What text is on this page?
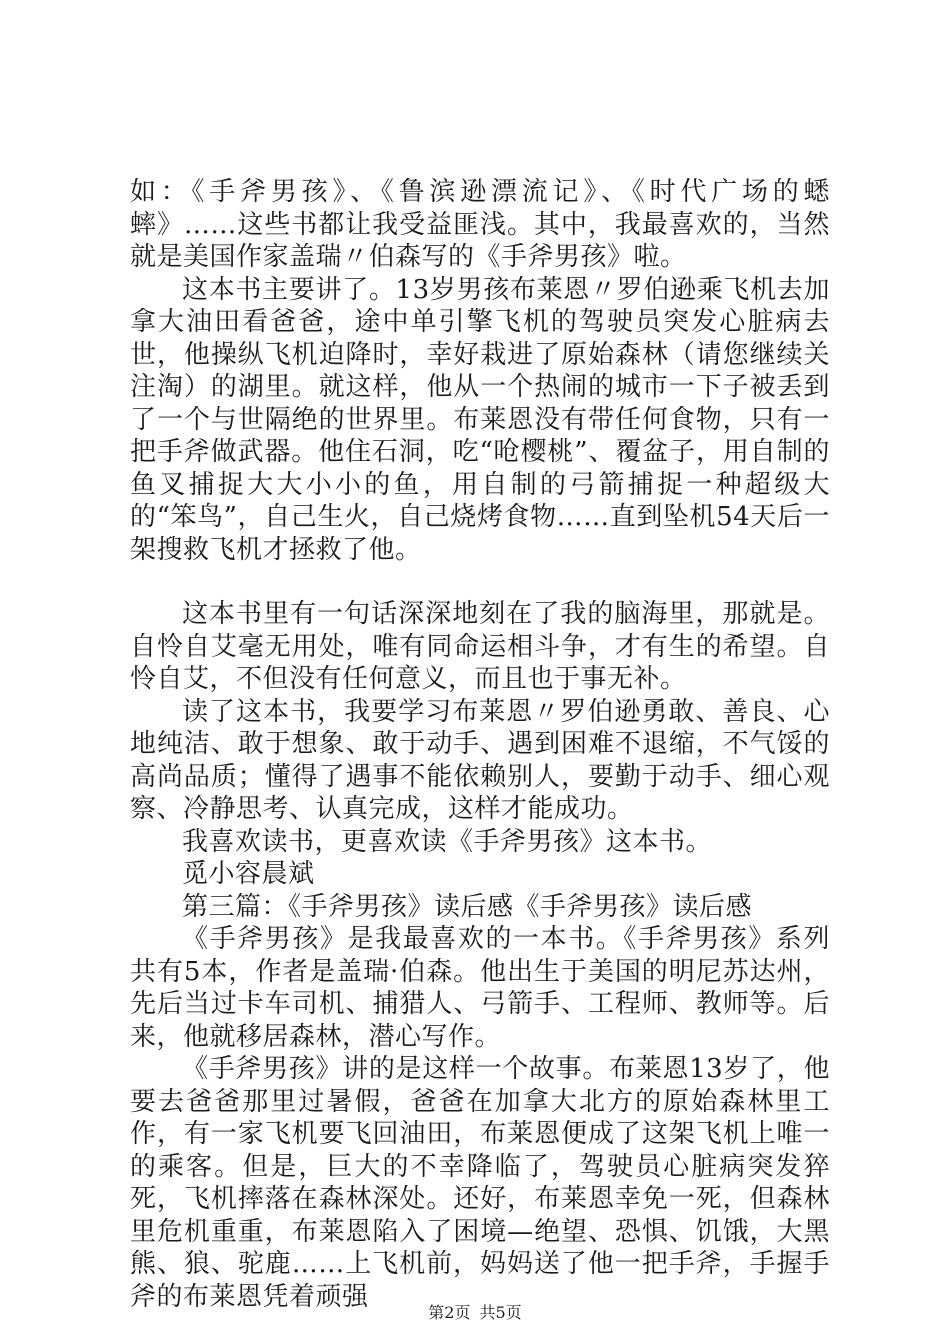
如：《手斧男孩》、《鲁滨逊漂流记》、《时代广场的蟋蟀》……这些书都让我受益匪浅。其中，我最喜欢的，当然就是美国作家盖瑞〃伯森写的《手斧男孩》啦。

这本书主要讲了。13岁男孩布莱恩〃罗伯逊乘飞机去加拿大油田看爸爸，途中单引擎飞机的驾驶员突发心脏病去世，他操纵飞机迫降时，幸好栽进了原始森林（请您继续关注淘）的湖里。就这样，他从一个热闹的城市一下子被丢到了一个与世隔绝的世界里。布莱恩没有带任何食物，只有一把手斧做武器。他住石洞，吃“呛樱桃”、覆盆子，用自制的鱼叉捕捉大大小小的鱼，用自制的弓箭捕捉一种超级大的“笨鸟”，自己生火，自己烧烤食物……直到坠机54天后一架搜救飞机才拯救了他。

这本书里有一句话深深地刻在了我的脑海里，那就是。自怜自艾毫无用处，唯有同命运相斗争，才有生的希望。自怜自艾，不但没有任何意义，而且也于事无补。

读了这本书，我要学习布莱恩〃罗伯逊勇敢、善良、心地纯洁、敢于想象、敢于动手、遇到困难不退缩，不气馁的高尚品质；懂得了遇事不能依赖别人，要勤于动手、细心观察、冷静思考、认真完成，这样才能成功。

我喜欢读书，更喜欢读《手斧男孩》这本书。

觅小容晨斌

第三篇：《手斧男孩》读后感《手斧男孩》读后感

《手斧男孩》是我最喜欢的一本书。《手斧男孩》系列共有5本，作者是盖瑞·伯森。他出生于美国的明尼苏达州，先后当过卡车司机、捕猎人、弓箭手、工程师、教师等。后来，他就移居森林，潜心写作。

《手斧男孩》讲的是这样一个故事。布莱恩13岁了，他要去爸爸那里过暑假，爸爸在加拿大北方的原始森林里工作，有一家飞机要飞回油田，布莱恩便成了这架飞机上唯一的乘客。但是，巨大的不幸降临了，驾驶员心脏病突发猝死，飞机摔落在森林深处。还好，布莱恩幸免一死，但森林里危机重重，布莱恩陷入了困境—绝望、恐惧、饥饿，大黑熊、狼、驼鹿……上飞机前，妈妈送了他一把手斧，手握手斧的布莱恩凭着顽强

第2页 共5页
